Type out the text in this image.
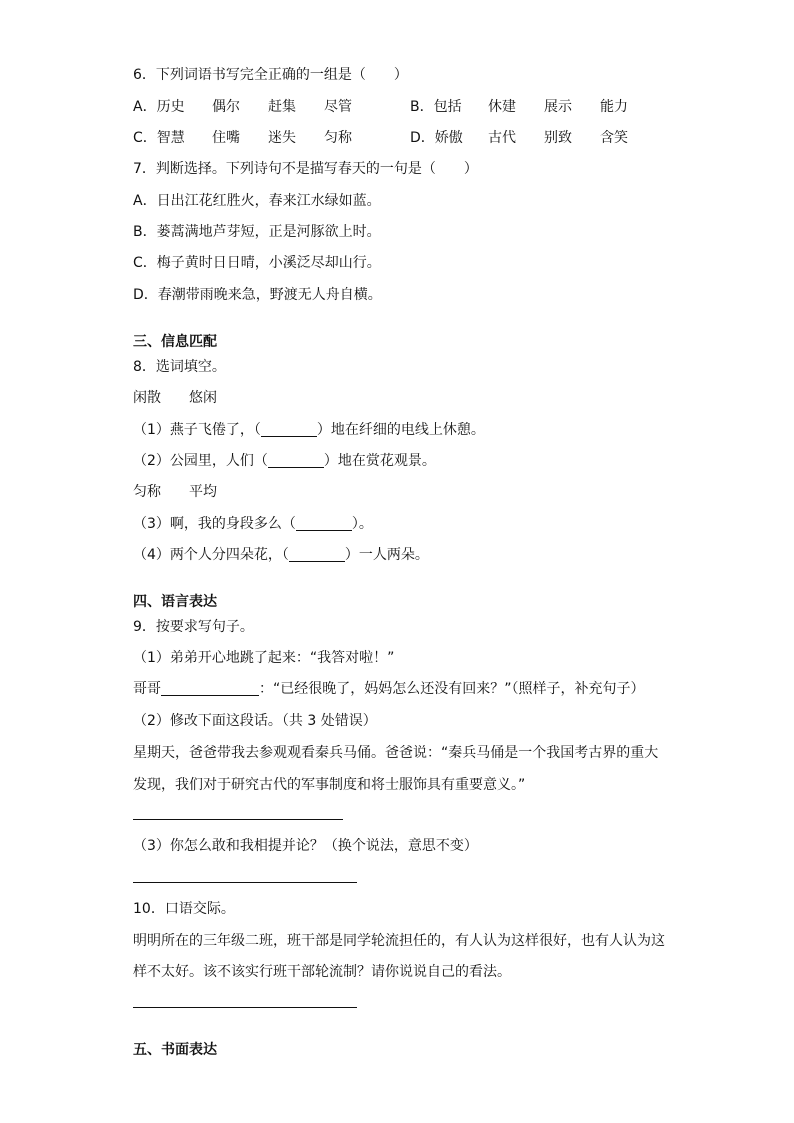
6．下列词语书写完全正确的一组是（　　）
A．历史 偶尔 赶集 尽管	B．包括 休建 展示 能力
C．智慧 住嘴 迷失 匀称	D．娇傲 古代 别致 含笑
7．判断选择。下列诗句不是描写春天的一句是（　　）
A．日出江花红胜火，春来江水绿如蓝。
B．蒌蒿满地芦芽短，正是河豚欲上时。
C．梅子黄时日日晴，小溪泛尽却山行。
D．春潮带雨晚来急，野渡无人舟自横。
三、信息匹配
8．选词填空。
闲散 悠闲
（1）燕子飞倦了，（	）地在纤细的电线上休憩。
（2）公园里，人们（	）地在赏花观景。
匀称 平均
（3）啊，我的身段多么（	）。
（4）两个人分四朵花，（	）一人两朵。
四、语言表达
9．按要求写句子。
（1）弟弟开心地跳了起来：“我答对啦！”
哥哥	：“已经很晚了，妈妈怎么还没有回来？”（照样子，补充句子）
（2）修改下面这段话。（共 3 处错误）
星期天，爸爸带我去参观观看秦兵马俑。爸爸说：“秦兵马俑是一个我国考古界的重大
发现，我们对于研究古代的军事制度和将士服饰具有重要意义。”
（3）你怎么敢和我相提并论？（换个说法，意思不变）
10．口语交际。
明明所在的三年级二班，班干部是同学轮流担任的，有人认为这样很好，也有人认为这
样不太好。该不该实行班干部轮流制？请你说说自己的看法。
五、书面表达
